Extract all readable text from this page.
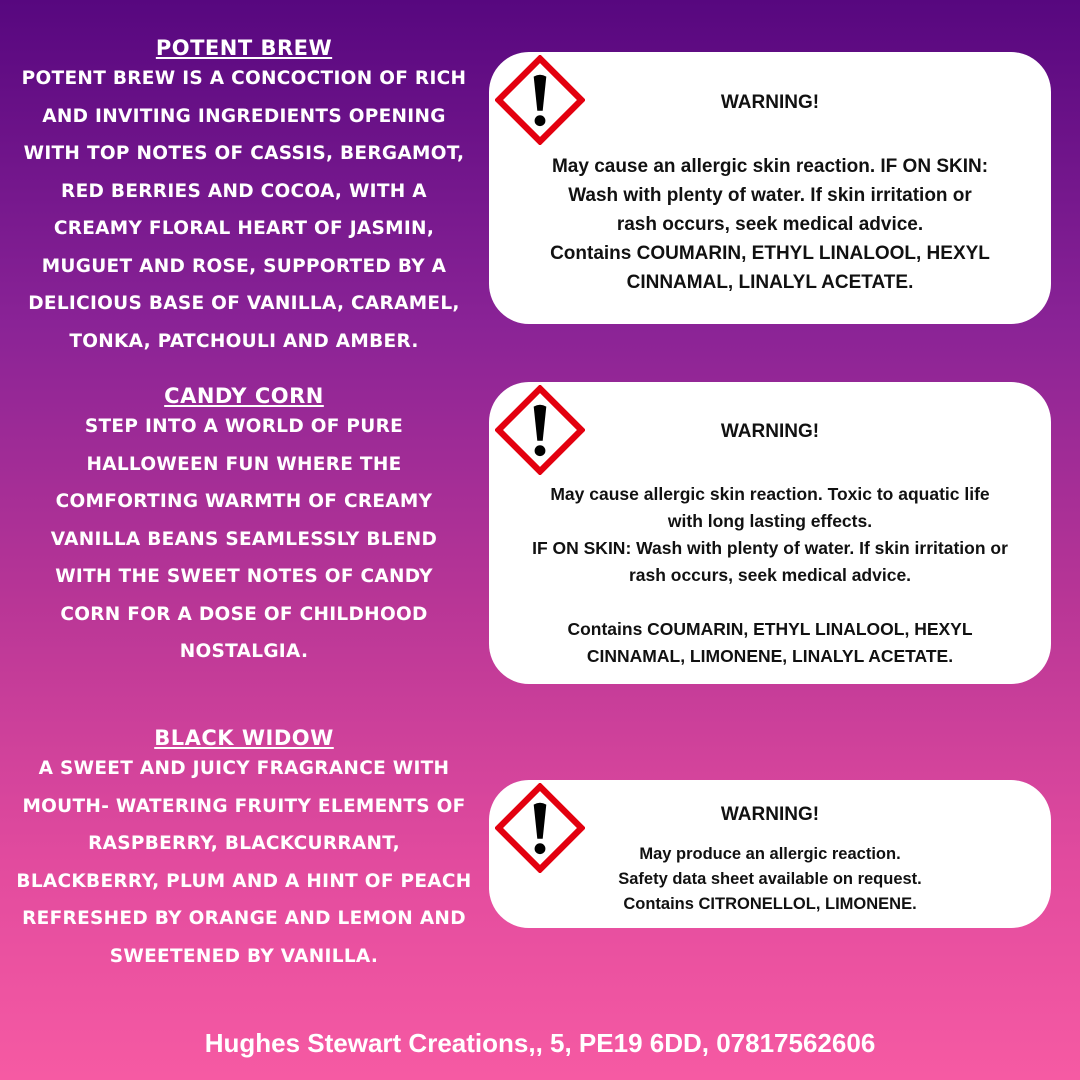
POTENT BREW

POTENT BREW IS A CONCOCTION OF RICH AND INVITING INGREDIENTS OPENING WITH TOP NOTES OF CASSIS, BERGAMOT, RED BERRIES AND COCOA, WITH A CREAMY FLORAL HEART OF JASMIN, MUGUET AND ROSE, SUPPORTED BY A DELICIOUS BASE OF VANILLA, CARAMEL, TONKA, PATCHOULI AND AMBER.

CANDY CORN

STEP INTO A WORLD OF PURE HALLOWEEN FUN WHERE THE COMFORTING WARMTH OF CREAMY VANILLA BEANS SEAMLESSLY BLEND WITH THE SWEET NOTES OF CANDY CORN FOR A DOSE OF CHILDHOOD NOSTALGIA.

BLACK WIDOW

A SWEET AND JUICY FRAGRANCE WITH MOUTH- WATERING FRUITY ELEMENTS OF RASPBERRY, BLACKCURRANT, BLACKBERRY, PLUM AND A HINT OF PEACH REFRESHED BY ORANGE AND LEMON AND SWEETENED BY VANILLA.

WARNING!
May cause an allergic skin reaction. IF ON SKIN:
Wash with plenty of water. If skin irritation or
rash occurs, seek medical advice.
Contains COUMARIN, ETHYL LINALOOL, HEXYL
CINNAMAL, LINALYL ACETATE.
WARNING!
May cause allergic skin reaction. Toxic to aquatic life
with long lasting effects.
IF ON SKIN: Wash with plenty of water. If skin irritation or
rash occurs, seek medical advice.

Contains COUMARIN, ETHYL LINALOOL, HEXYL
CINNAMAL, LIMONENE, LINALYL ACETATE.
WARNING!
May produce an allergic reaction.
Safety data sheet available on request.
Contains CITRONELLOL, LIMONENE.
Hughes Stewart Creations,, 5, PE19 6DD, 07817562606
